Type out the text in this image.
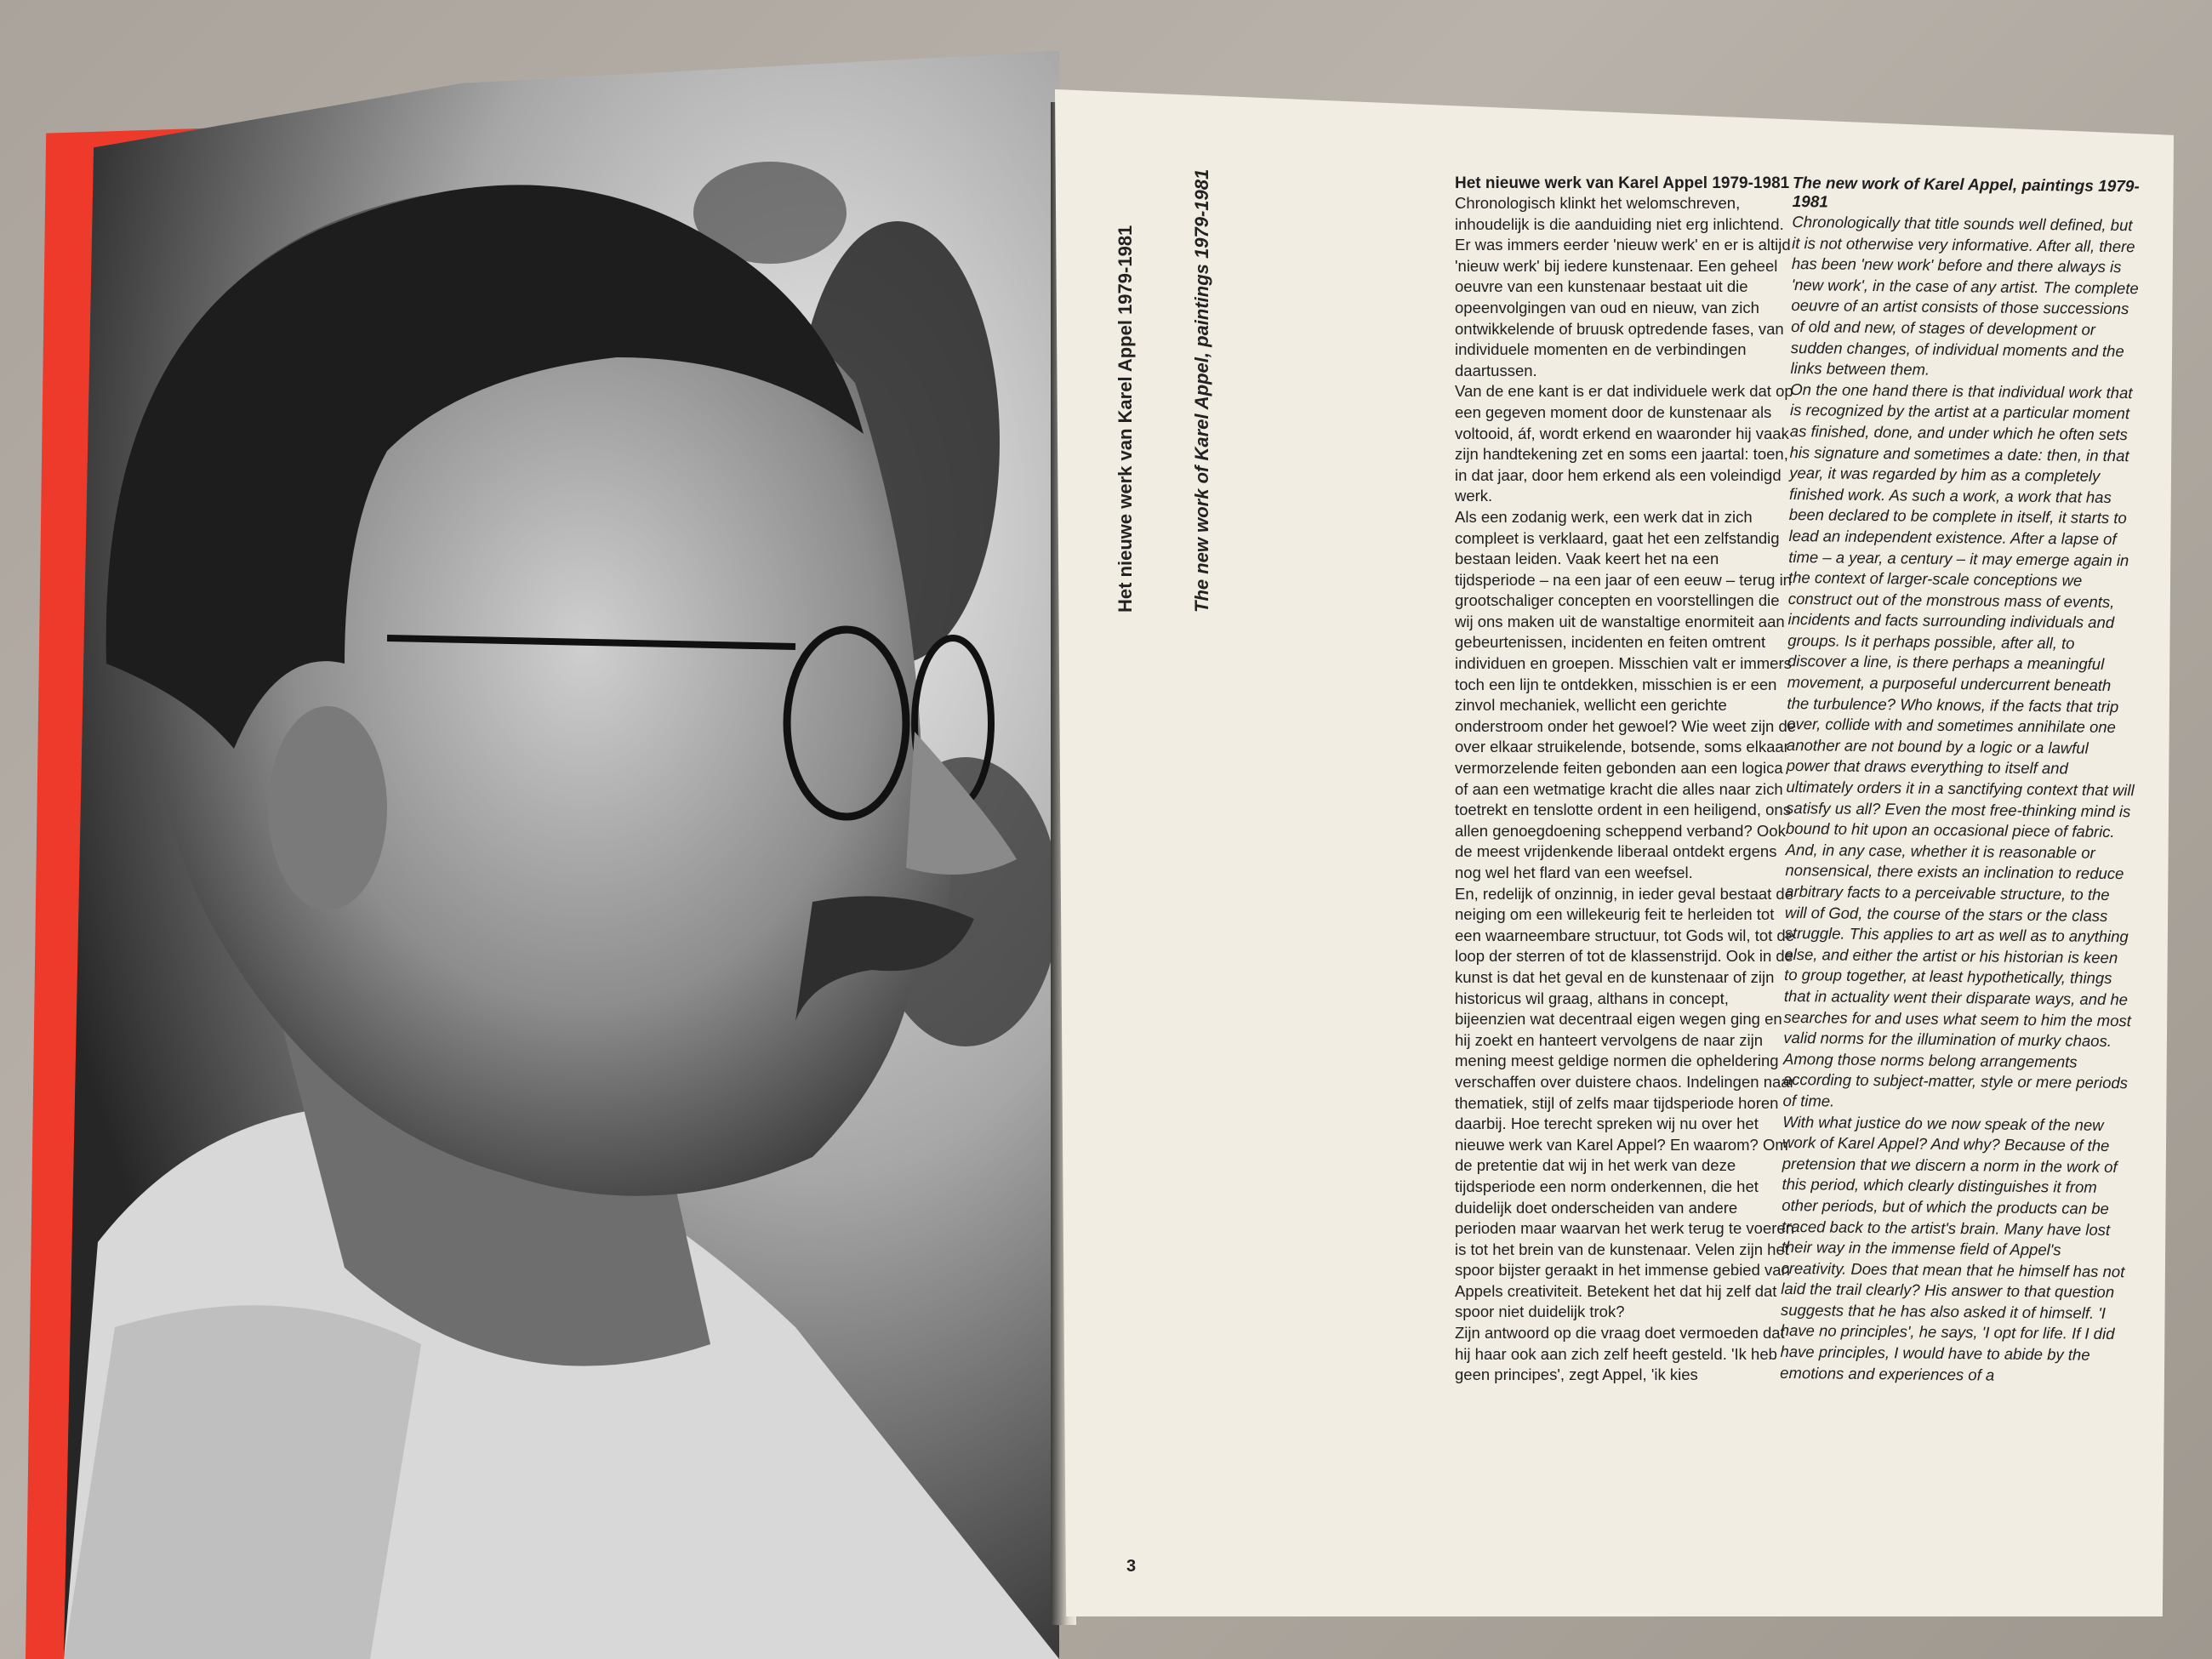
Het nieuwe werk van Karel Appel 1979-1981	The new work of Karel Appel, paintings 1979-1981	Het nieuwe werk van Karel Appel 1979-1981

Chronologisch klinkt het welomschreven, inhoudelijk is die aanduiding niet erg inlichtend.

Er was immers eerder 'nieuw werk' en er is altijd 'nieuw werk' bij iedere kunstenaar. Een geheel oeuvre van een kunstenaar bestaat uit die opeenvolgingen van oud en nieuw, van zich ontwikkelende of bruusk optredende fases, van individuele momenten en de verbindingen daartussen.

Van de ene kant is er dat individuele werk dat op een gegeven moment door de kunstenaar als voltooid, áf, wordt erkend en waaronder hij vaak zijn handtekening zet en soms een jaartal: toen, in dat jaar, door hem erkend als een voleindigd werk.

Als een zodanig werk, een werk dat in zich compleet is verklaard, gaat het een zelfstandig bestaan leiden. Vaak keert het na een tijdsperiode – na een jaar of een eeuw – terug in grootschaliger concepten en voorstellingen die wij ons maken uit de wanstaltige enormiteit aan gebeurtenissen, incidenten en feiten omtrent individuen en groepen. Misschien valt er immers toch een lijn te ontdekken, misschien is er een zinvol mechaniek, wellicht een gerichte onderstroom onder het gewoel? Wie weet zijn de over elkaar struikelende, botsende, soms elkaar vermorzelende feiten gebonden aan een logica of aan een wetmatige kracht die alles naar zich toetrekt en tenslotte ordent in een heiligend, ons allen genoegdoening scheppend verband? Ook de meest vrijdenkende liberaal ontdekt ergens nog wel het flard van een weefsel.

En, redelijk of onzinnig, in ieder geval bestaat de neiging om een willekeurig feit te herleiden tot een waarneembare structuur, tot Gods wil, tot de loop der sterren of tot de klassenstrijd. Ook in de kunst is dat het geval en de kunstenaar of zijn historicus wil graag, althans in concept, bijeenzien wat decentraal eigen wegen ging en hij zoekt en hanteert vervolgens de naar zijn mening meest geldige normen die opheldering verschaffen over duistere chaos. Indelingen naar thematiek, stijl of zelfs maar tijdsperiode horen daarbij. Hoe terecht spreken wij nu over het nieuwe werk van Karel Appel? En waarom? Om de pretentie dat wij in het werk van deze tijdsperiode een norm onderkennen, die het duidelijk doet onderscheiden van andere perioden maar waarvan het werk terug te voeren is tot het brein van de kunstenaar. Velen zijn het spoor bijster geraakt in het immense gebied van Appels creativiteit. Betekent het dat hij zelf dat spoor niet duidelijk trok?

Zijn antwoord op die vraag doet vermoeden dat hij haar ook aan zich zelf heeft gesteld. 'Ik heb geen principes', zegt Appel, 'ik kies

The new work of Karel Appel, paintings 1979-1981

Chronologically that title sounds well defined, but it is not otherwise very informative. After all, there has been 'new work' before and there always is 'new work', in the case of any artist. The complete oeuvre of an artist consists of those successions of old and new, of stages of development or sudden changes, of individual moments and the links between them.

On the one hand there is that individual work that is recognized by the artist at a particular moment as finished, done, and under which he often sets his signature and sometimes a date: then, in that year, it was regarded by him as a completely finished work. As such a work, a work that has been declared to be complete in itself, it starts to lead an independent existence. After a lapse of time – a year, a century – it may emerge again in the context of larger-scale conceptions we construct out of the monstrous mass of events, incidents and facts surrounding individuals and groups. Is it perhaps possible, after all, to discover a line, is there perhaps a meaningful movement, a purposeful undercurrent beneath the turbulence? Who knows, if the facts that trip over, collide with and sometimes annihilate one another are not bound by a logic or a lawful power that draws everything to itself and ultimately orders it in a sanctifying context that will satisfy us all? Even the most free-thinking mind is bound to hit upon an occasional piece of fabric.

And, in any case, whether it is reasonable or nonsensical, there exists an inclination to reduce arbitrary facts to a perceivable structure, to the will of God, the course of the stars or the class struggle. This applies to art as well as to anything else, and either the artist or his historian is keen to group together, at least hypothetically, things that in actuality went their disparate ways, and he searches for and uses what seem to him the most valid norms for the illumination of murky chaos. Among those norms belong arrangements according to subject-matter, style or mere periods of time.

With what justice do we now speak of the new work of Karel Appel? And why? Because of the pretension that we discern a norm in the work of this period, which clearly distinguishes it from other periods, but of which the products can be traced back to the artist's brain. Many have lost their way in the immense field of Appel's creativity. Does that mean that he himself has not laid the trail clearly? His answer to that question suggests that he has also asked it of himself. 'I have no principles', he says, 'I opt for life. If I did have principles, I would have to abide by the emotions and experiences of a

3
